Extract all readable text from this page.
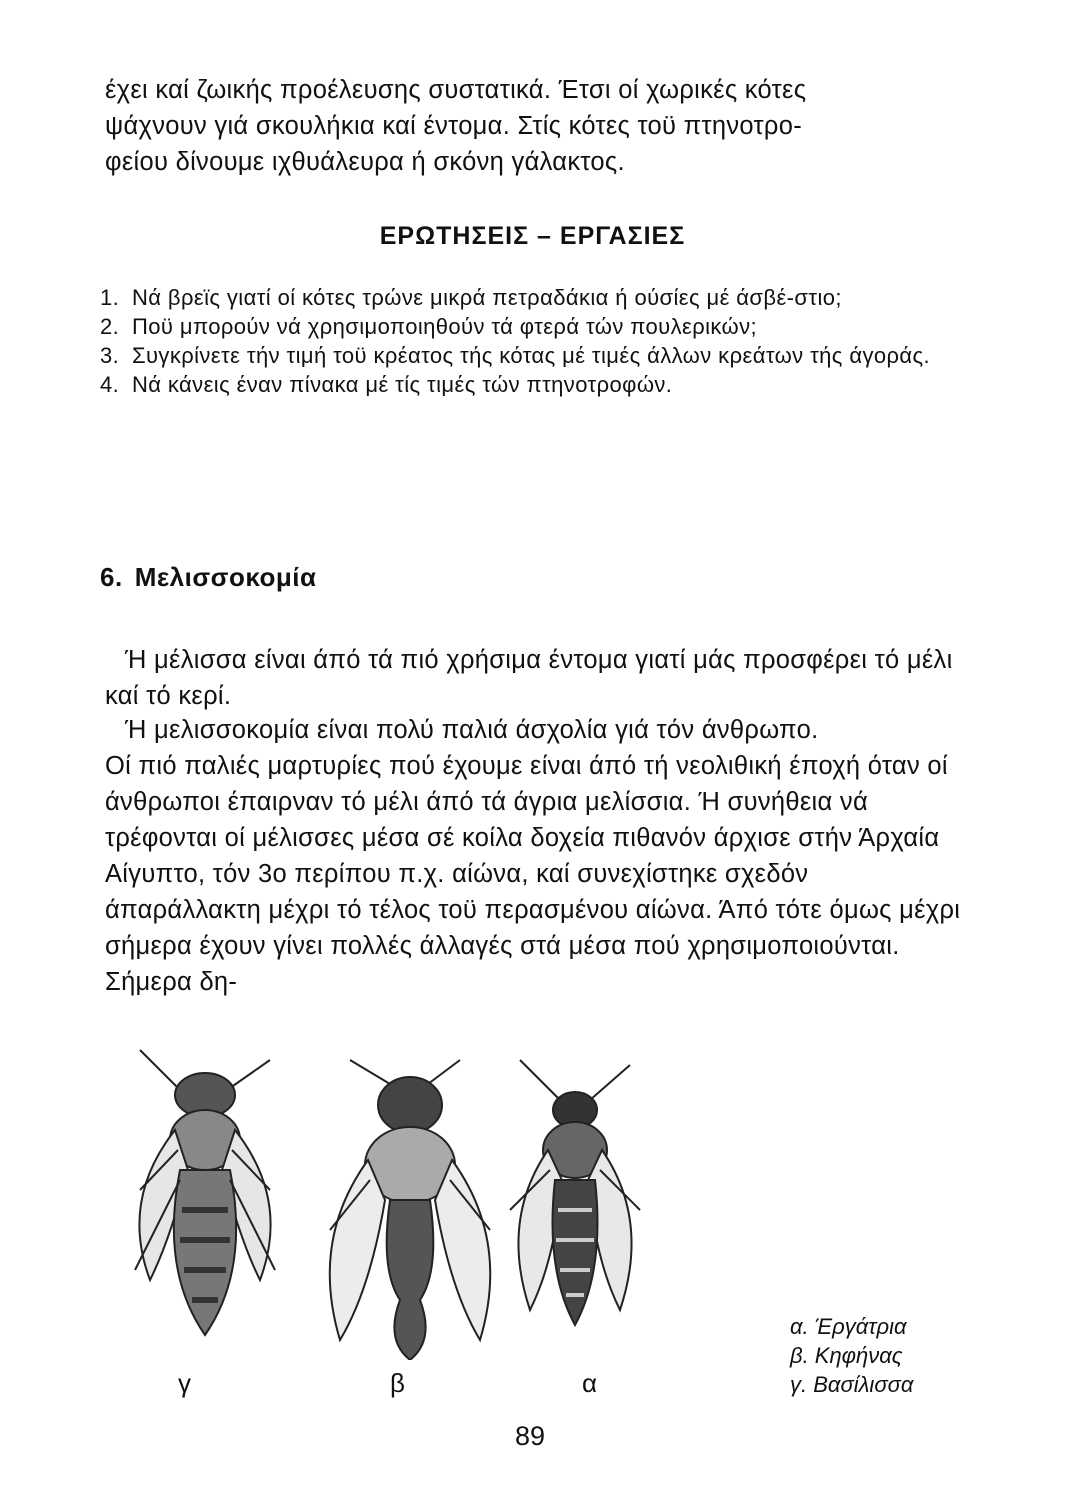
έχει καί ζωικής προέλευσης συστατικά. Έτσι οί χωρικές κότες
ψάχνουν γιά σκουλήκια καί έντομα. Στίς κότες τοϋ πτηνοτρο-
φείου δίνουμε ιχθυάλευρα ή σκόνη γάλακτος.
ΕΡΩΤΗΣΕΙΣ – ΕΡΓΑΣΙΕΣ
1. Νά βρεϊς γιατί οί κότες τρώνε μικρά πετραδάκια ή ούσίες μέ άσβέ-στιο;
2. Ποϋ μπορούν νά χρησιμοποιηθούν τά φτερά τών πουλερικών;
3. Συγκρίνετε τήν τιμή τοϋ κρέατος τής κότας μέ τιμές άλλων κρεάτων τής άγοράς.
4. Νά κάνεις έναν πίνακα μέ τίς τιμές τών πτηνοτροφών.
6. Μελισσοκομία
Ή μέλισσα είναι άπό τά πιό χρήσιμα έντομα γιατί μάς προσφέρει τό μέλι καί τό κερί.
Ή μελισσοκομία είναι πολύ παλιά άσχολία γιά τόν άνθρωπο.
Οί πιό παλιές μαρτυρίες πού έχουμε είναι άπό τή νεολιθική έποχή όταν οί άνθρωποι έπαιρναν τό μέλι άπό τά άγρια μελίσσια. Ή συνήθεια νά τρέφονται οί μέλισσες μέσα σέ κοίλα δοχεία πιθανόν άρχισε στήν Άρχαία Αίγυπτο, τόν 3ο περίπου π.χ. αίώνα, καί συνεχίστηκε σχεδόν άπαράλλακτη μέχρι τό τέλος τοϋ περασμένου αίώνα. Άπό τότε όμως μέχρι σήμερα έχουν γίνει πολλές άλλαγές στά μέσα πού χρησιμοποιούνται. Σήμερα δη-
γ	β	α
α. Έργάτρια
β. Κηφήνας
γ. Βασίλισσα
89
